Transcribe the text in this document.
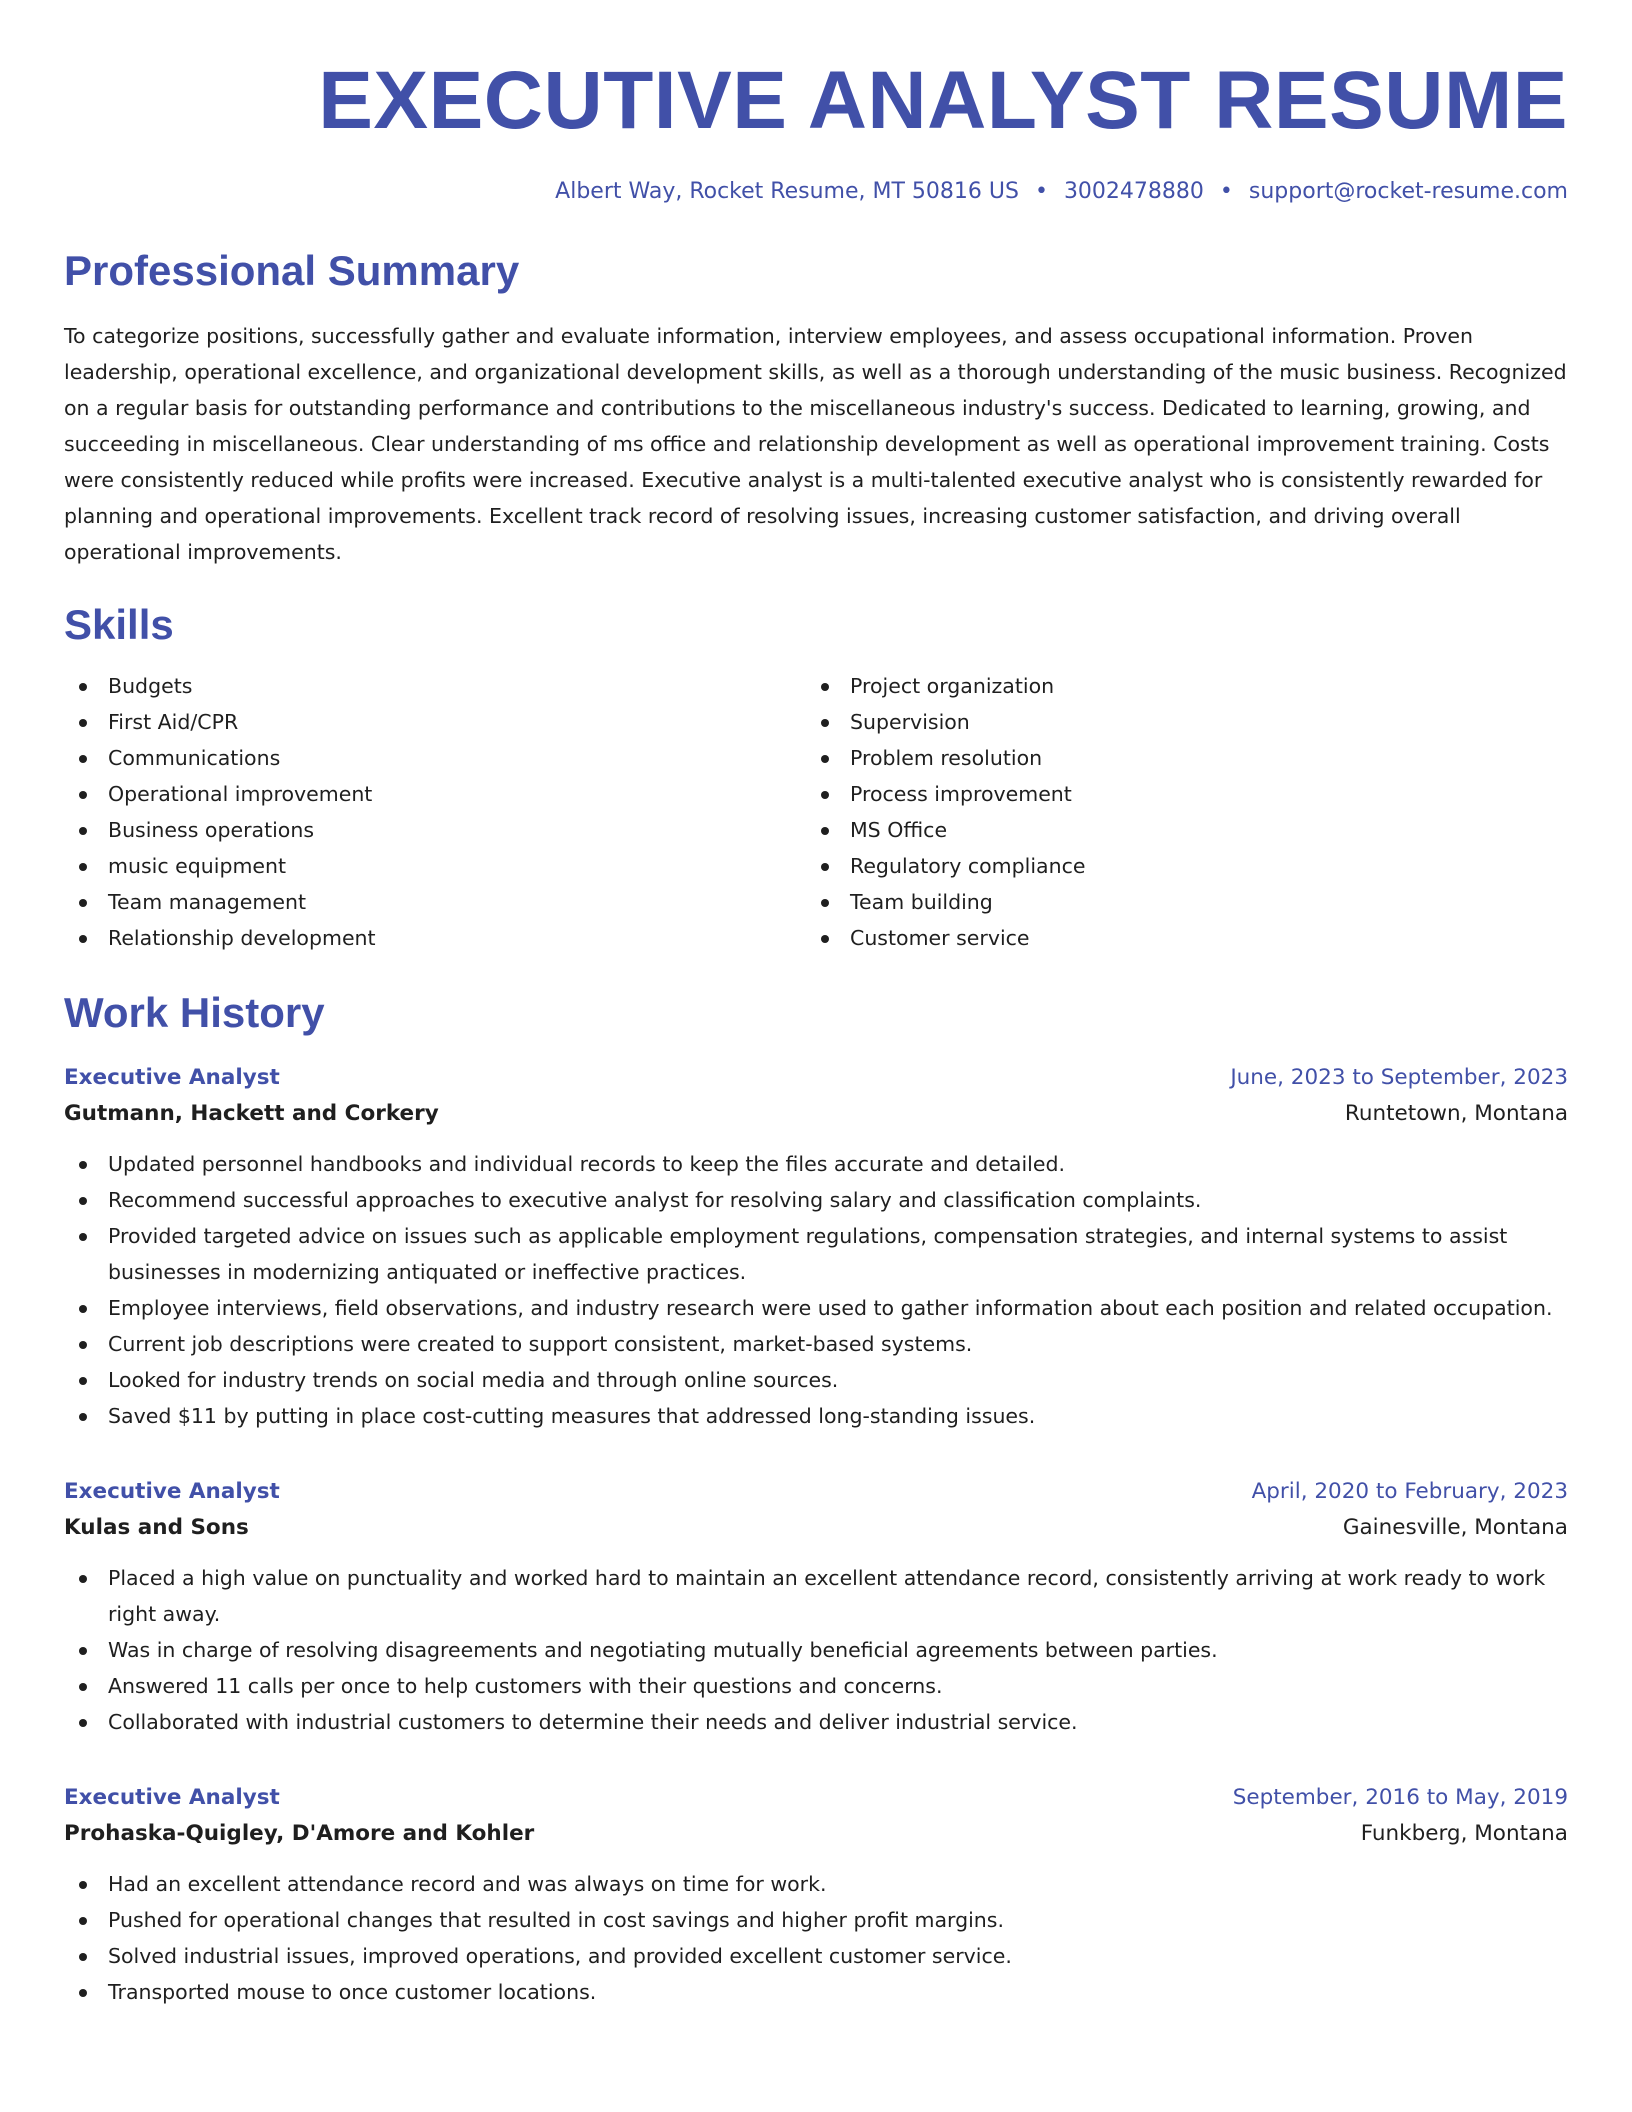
EXECUTIVE ANALYST RESUME
Albert Way, Rocket Resume, MT 50816 US • 3002478880 • support@rocket-resume.com
Professional Summary

To categorize positions, successfully gather and evaluate information, interview employees, and assess occupational information. Proven leadership, operational excellence, and organizational development skills, as well as a thorough understanding of the music business. Recognized on a regular basis for outstanding performance and contributions to the miscellaneous industry's success. Dedicated to learning, growing, and succeeding in miscellaneous. Clear understanding of ms office and relationship development as well as operational improvement training. Costs were consistently reduced while profits were increased. Executive analyst is a multi-talented executive analyst who is consistently rewarded for planning and operational improvements. Excellent track record of resolving issues, increasing customer satisfaction, and driving overall operational improvements.

Skills
Budgets
First Aid/CPR
Communications
Operational improvement
Business operations
music equipment
Team management
Relationship development
Project organization
Supervision
Problem resolution
Process improvement
MS Office
Regulatory compliance
Team building
Customer service
Work History
Executive Analyst	June, 2023 to September, 2023
Gutmann, Hackett and Corkery	Runtetown, Montana
Updated personnel handbooks and individual records to keep the files accurate and detailed.
Recommend successful approaches to executive analyst for resolving salary and classification complaints.
Provided targeted advice on issues such as applicable employment regulations, compensation strategies, and internal systems to assist businesses in modernizing antiquated or ineffective practices.
Employee interviews, field observations, and industry research were used to gather information about each position and related occupation.
Current job descriptions were created to support consistent, market-based systems.
Looked for industry trends on social media and through online sources.
Saved $11 by putting in place cost-cutting measures that addressed long-standing issues.
Executive Analyst	April, 2020 to February, 2023
Kulas and Sons	Gainesville, Montana
Placed a high value on punctuality and worked hard to maintain an excellent attendance record, consistently arriving at work ready to work right away.
Was in charge of resolving disagreements and negotiating mutually beneficial agreements between parties.
Answered 11 calls per once to help customers with their questions and concerns.
Collaborated with industrial customers to determine their needs and deliver industrial service.
Executive Analyst	September, 2016 to May, 2019
Prohaska-Quigley, D'Amore and Kohler	Funkberg, Montana
Had an excellent attendance record and was always on time for work.
Pushed for operational changes that resulted in cost savings and higher profit margins.
Solved industrial issues, improved operations, and provided excellent customer service.
Transported mouse to once customer locations.
